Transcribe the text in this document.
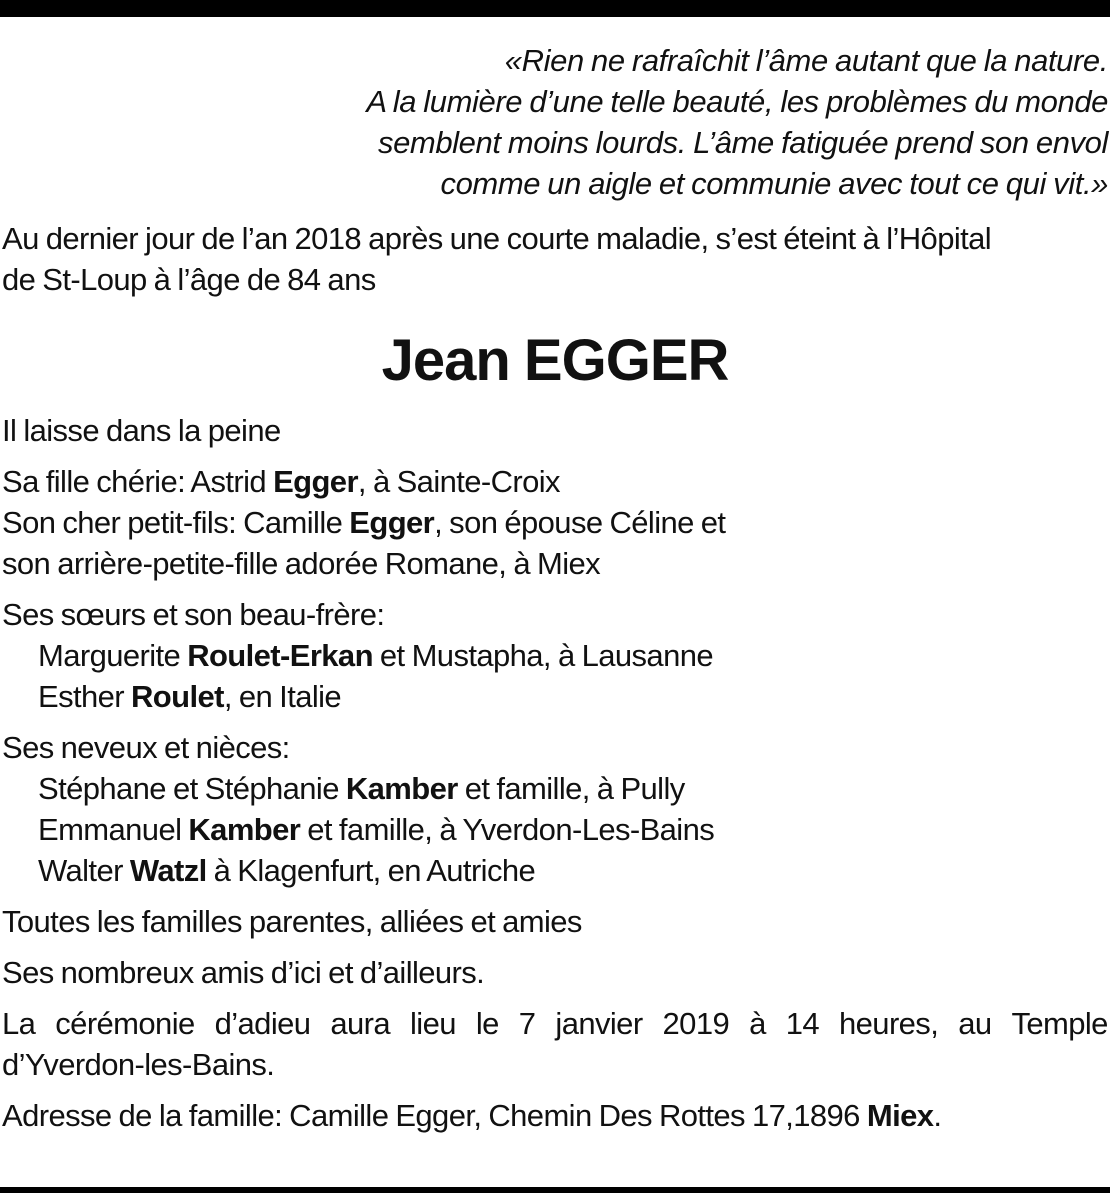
«Rien ne rafraîchit l’âme autant que la nature.
A la lumière d’une telle beauté, les problèmes du monde
semblent moins lourds. L’âme fatiguée prend son envol
comme un aigle et communie avec tout ce qui vit.»
Au dernier jour de l’an 2018 après une courte maladie, s’est éteint à l’Hôpital
de St-Loup à l’âge de 84 ans
Jean EGGER
Il laisse dans la peine
Sa fille chérie: Astrid Egger, à Sainte-Croix
Son cher petit-fils: Camille Egger, son épouse Céline et
son arrière-petite-fille adorée Romane, à Miex
Ses sœurs et son beau-frère:
Marguerite Roulet-Erkan et Mustapha, à Lausanne
Esther Roulet, en Italie
Ses neveux et nièces:
Stéphane et Stéphanie Kamber et famille, à Pully
Emmanuel Kamber et famille, à Yverdon-Les-Bains
Walter Watzl à Klagenfurt, en Autriche
Toutes les familles parentes, alliées et amies
Ses nombreux amis d’ici et d’ailleurs.
La cérémonie d’adieu aura lieu le 7 janvier 2019 à 14 heures, au Temple
d’Yverdon-les-Bains.
Adresse de la famille: Camille Egger, Chemin Des Rottes 17,1896 Miex.
